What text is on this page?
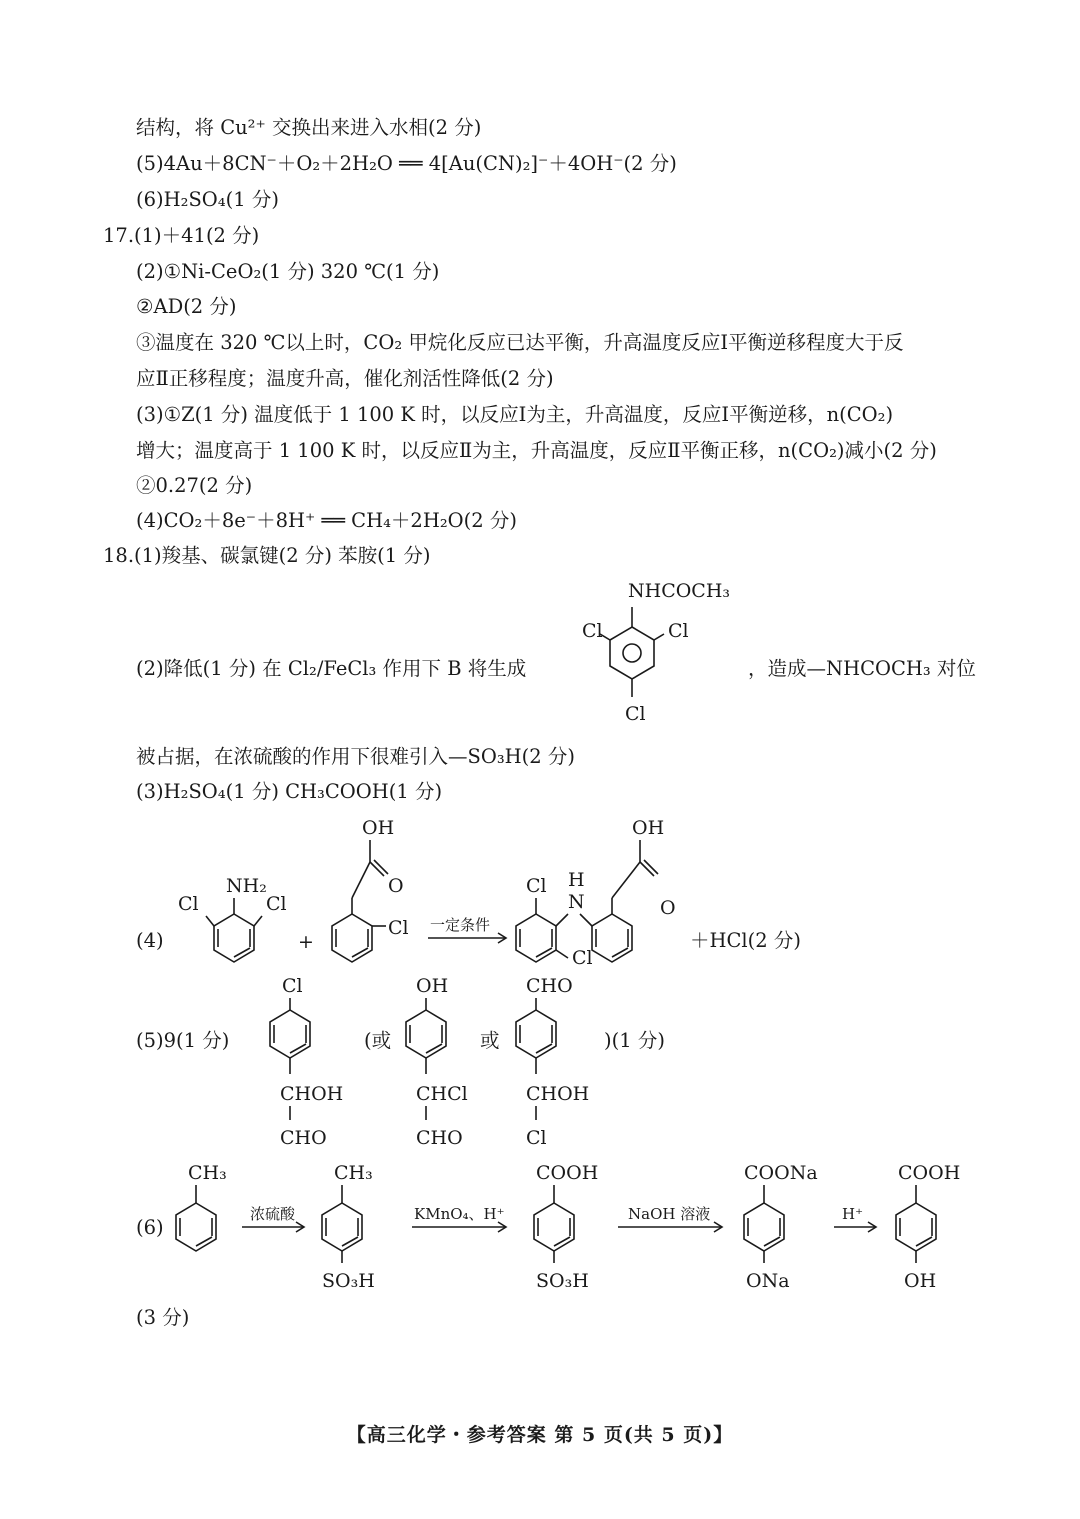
结构，将 Cu²⁺ 交换出来进入水相(2 分)
(5)4Au＋8CN⁻＋O₂＋2H₂O ══ 4[Au(CN)₂]⁻＋4OH⁻(2 分)
(6)H₂SO₄(1 分)
17.(1)＋41(2 分)
(2)①Ni-CeO₂(1 分) 320 ℃(1 分)
②AD(2 分)
③温度在 320 ℃以上时，CO₂ 甲烷化反应已达平衡，升高温度反应Ⅰ平衡逆移程度大于反
应Ⅱ正移程度；温度升高，催化剂活性降低(2 分)
(3)①Z(1 分) 温度低于 1 100 K 时，以反应Ⅰ为主，升高温度，反应Ⅰ平衡逆移，n(CO₂)
增大；温度高于 1 100 K 时，以反应Ⅱ为主，升高温度，反应Ⅱ平衡正移，n(CO₂)减小(2 分)
②0.27(2 分)
(4)CO₂＋8e⁻＋8H⁺ ══ CH₄＋2H₂O(2 分)
18.(1)羧基、碳氯键(2 分) 苯胺(1 分)
(2)降低(1 分) 在 Cl₂/FeCl₃ 作用下 B 将生成	，造成—NHCOCH₃ 对位
NHCOCH₃
Cl	Cl
Cl
被占据，在浓硫酸的作用下很难引入—SO₃H(2 分)
(3)H₂SO₄(1 分) CH₃COOH(1 分)
(4)
NH₂
Cl	Cl
+
OH
O
Cl 一定条件
Cl H
N
Cl
OH
O
＋HCl(2 分)
(5)9(1 分)
Cl
CHOH
CHO
OH
CHCl
CHO
CHO
CHOH
Cl
(或	或	)(1 分)
(6)
CH₃
浓硫酸
CH₃
SO₃H
KMnO₄、H⁺
COOH
SO₃H
NaOH 溶液
COONa
ONa
H⁺
COOH
OH
(3 分)
【高三化学・参考答案 第 5 页(共 5 页)】
